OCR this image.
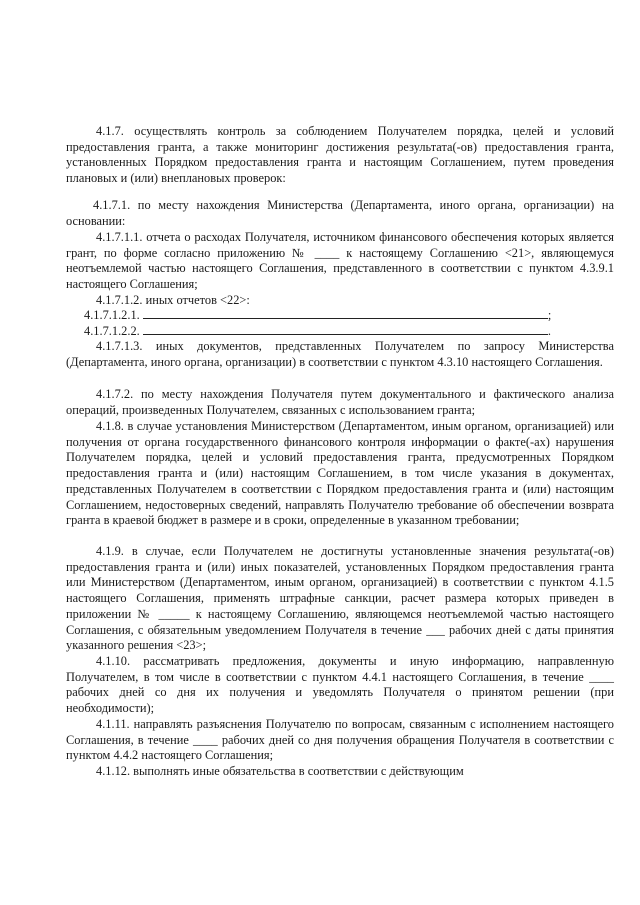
4.1.7. осуществлять контроль за соблюдением Получателем порядка, целей и условий предоставления гранта, а также мониторинг достижения результата(-ов) предоставления гранта, установленных Порядком предоставления гранта и настоящим Соглашением, путем проведения плановых и (или) внеплановых проверок:

4.1.7.1. по месту нахождения Министерства (Департамента, иного органа, организации) на основании:

4.1.7.1.1. отчета о расходах Получателя, источником финансового обеспечения которых является грант, по форме согласно приложению № ____ к настоящему Соглашению <21>, являющемуся неотъемлемой частью настоящего Соглашения, представленного в соответствии с пунктом 4.3.9.1 настоящего Соглашения;

4.1.7.1.2. иных отчетов <22>:

4.1.7.1.2.1.	;
4.1.7.1.2.2.	.

4.1.7.1.3. иных документов, представленных Получателем по запросу Министерства (Департамента, иного органа, организации) в соответствии с пунктом 4.3.10 настоящего Соглашения.

4.1.7.2. по месту нахождения Получателя путем документального и фактического анализа операций, произведенных Получателем, связанных с использованием гранта;

4.1.8. в случае установления Министерством (Департаментом, иным органом, организацией) или получения от органа государственного финансового контроля информации о факте(-ах) нарушения Получателем порядка, целей и условий предоставления гранта, предусмотренных Порядком предоставления гранта и (или) настоящим Соглашением, в том числе указания в документах, представленных Получателем в соответствии с Порядком предоставления гранта и (или) настоящим Соглашением, недостоверных сведений, направлять Получателю требование об обеспечении возврата гранта в краевой бюджет в размере и в сроки, определенные в указанном требовании;

4.1.9. в случае, если Получателем не достигнуты установленные значения результата(-ов) предоставления гранта и (или) иных показателей, установленных Порядком предоставления гранта или Министерством (Департаментом, иным органом, организацией) в соответствии с пунктом 4.1.5 настоящего Соглашения, применять штрафные санкции, расчет размера которых приведен в приложении № _____ к настоящему Соглашению, являющемся неотъемлемой частью настоящего Соглашения, с обязательным уведомлением Получателя в течение ___ рабочих дней с даты принятия указанного решения <23>;

4.1.10. рассматривать предложения, документы и иную информацию, направленную Получателем, в том числе в соответствии с пунктом 4.4.1 настоящего Соглашения, в течение ____ рабочих дней со дня их получения и уведомлять Получателя о принятом решении (при необходимости);

4.1.11. направлять разъяснения Получателю по вопросам, связанным с исполнением настоящего Соглашения, в течение ____ рабочих дней со дня получения обращения Получателя в соответствии с пунктом 4.4.2 настоящего Соглашения;

4.1.12. выполнять иные обязательства в соответствии с действующим
